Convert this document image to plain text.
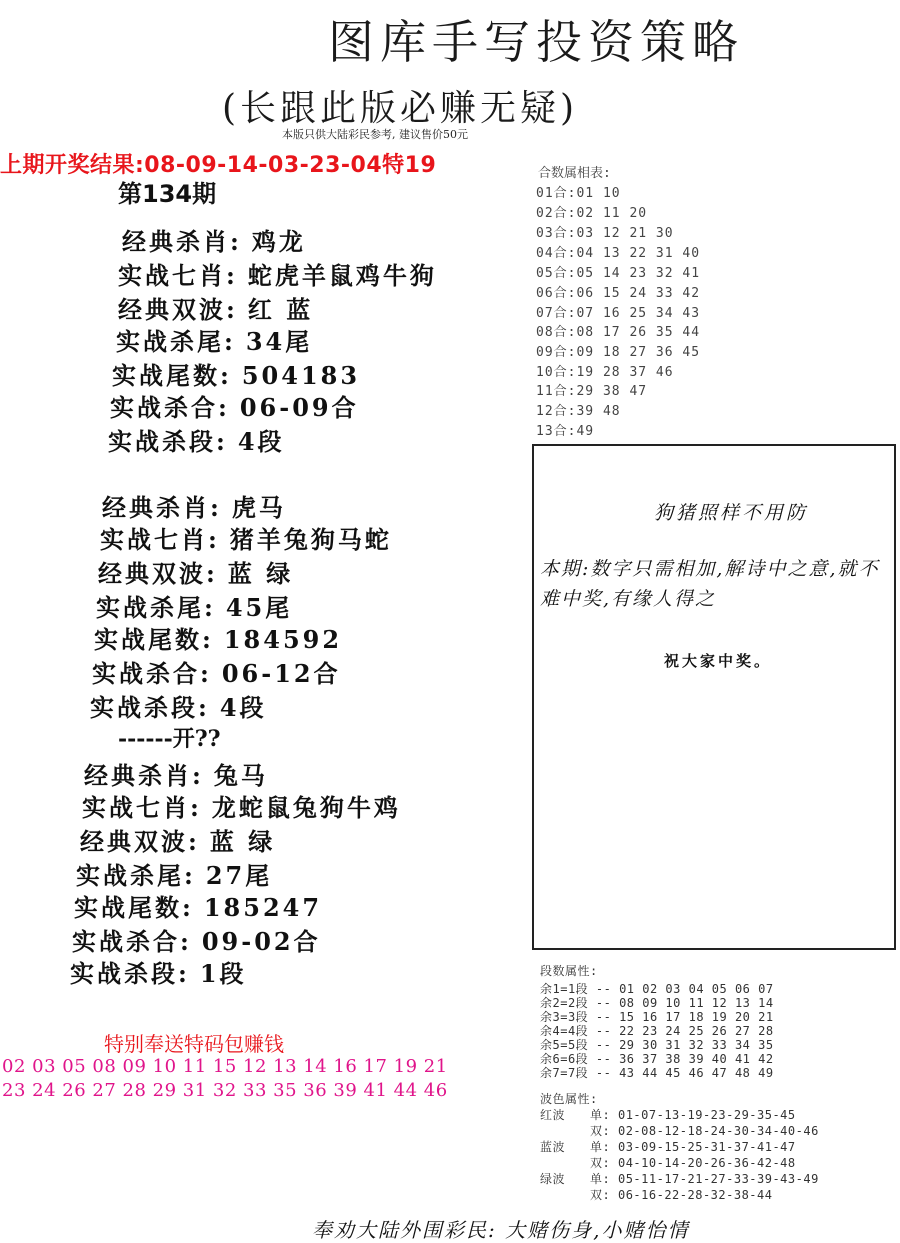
图库手写投资策略
(长跟此版必赚无疑)
本版只供大陆彩民参考, 建议售价50元
上期开奖结果:08-09-14-03-23-04特19
第134期
经典杀肖: 鸡龙
实战七肖: 蛇虎羊鼠鸡牛狗
经典双波: 红 蓝
实战杀尾: 34尾
实战尾数: 504183
实战杀合: 06-09合
实战杀段: 4段
经典杀肖: 虎马
实战七肖: 猪羊兔狗马蛇
经典双波: 蓝 绿
实战杀尾: 45尾
实战尾数: 184592
实战杀合: 06-12合
实战杀段: 4段
------开??
经典杀肖: 兔马
实战七肖: 龙蛇鼠兔狗牛鸡
经典双波: 蓝 绿
实战杀尾: 27尾
实战尾数: 185247
实战杀合: 09-02合
实战杀段: 1段
合数属相表:
01合:01 10
02合:02 11 20
03合:03 12 21 30
04合:04 13 22 31 40
05合:05 14 23 32 41
06合:06 15 24 33 42
07合:07 16 25 34 43
08合:08 17 26 35 44
09合:09 18 27 36 45
10合:19 28 37 46
11合:29 38 47
12合:39 48
13合:49
狗猪照样不用防
本期:数字只需相加,解诗中之意,就不难中奖,有缘人得之
祝大家中奖。
特别奉送特码包赚钱
02 03 05 08 09 10 11 15 12 13 14 16 17 19 21
23 24 26 27 28 29 31 32 33 35 36 39 41 44 46
段数属性:
余1=1段 -- 01 02 03 04 05 06 07
余2=2段 -- 08 09 10 11 12 13 14
余3=3段 -- 15 16 17 18 19 20 21
余4=4段 -- 22 23 24 25 26 27 28
余5=5段 -- 29 30 31 32 33 34 35
余6=6段 -- 36 37 38 39 40 41 42
余7=7段 -- 43 44 45 46 47 48 49
波色属性:
红波 单: 01-07-13-19-23-29-35-45
双: 02-08-12-18-24-30-34-40-46
蓝波 单: 03-09-15-25-31-37-41-47
双: 04-10-14-20-26-36-42-48
绿波 单: 05-11-17-21-27-33-39-43-49
双: 06-16-22-28-32-38-44
奉劝大陆外围彩民: 大赌伤身,小赌怡情
